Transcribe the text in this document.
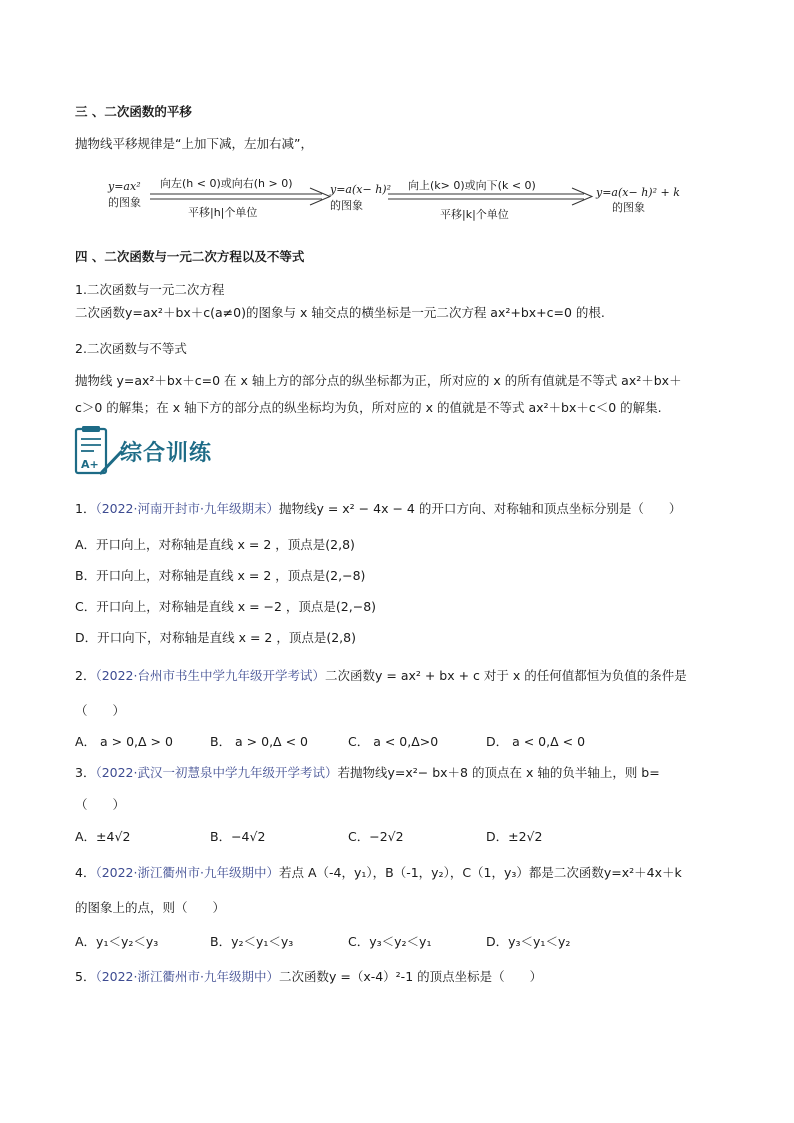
三 、二次函数的平移
抛物线平移规律是“上加下减，左加右减”，
y=ax²
的图象
向左(h < 0)或向右(h > 0)
平移|h|个单位
y=a(x− h)²
的图象
向上(k> 0)或向下(k < 0)
平移|k|个单位
y=a(x− h)² + k
的图象
四 、二次函数与一元二次方程以及不等式
1.二次函数与一元二次方程
二次函数y=ax²＋bx＋c(a≠0)的图象与 x 轴交点的横坐标是一元二次方程 ax²+bx+c=0 的根.
2.二次函数与不等式
抛物线 y=ax²＋bx＋c=0 在 x 轴上方的部分点的纵坐标都为正，所对应的 x 的所有值就是不等式 ax²＋bx＋
c＞0 的解集；在 x 轴下方的部分点的纵坐标均为负，所对应的 x 的值就是不等式 ax²＋bx＋c＜0 的解集.
A+ 综合训练
1．（2022·河南开封市·九年级期末）抛物线y = x² − 4x − 4 的开口方向、对称轴和顶点坐标分别是（　　）
A．开口向上，对称轴是直线 x = 2 ，顶点是(2,8)
B．开口向上，对称轴是直线 x = 2 ，顶点是(2,−8)
C．开口向上，对称轴是直线 x = −2 ，顶点是(2,−8)
D．开口向下，对称轴是直线 x = 2 ，顶点是(2,8)
2．（2022·台州市书生中学九年级开学考试）二次函数y = ax² + bx + c 对于 x 的任何值都恒为负值的条件是
（　　）
A． a > 0,Δ > 0	B． a > 0,Δ < 0	C． a < 0,Δ>0	D． a < 0,Δ < 0
3．（2022·武汉一初慧泉中学九年级开学考试）若抛物线y=x²− bx＋8 的顶点在 x 轴的负半轴上，则 b=
（　　）
A．±4√2	B．−4√2	C．−2√2	D．±2√2
4．（2022·浙江衢州市·九年级期中）若点 A（-4，y₁），B（-1，y₂），C（1，y₃）都是二次函数y=x²＋4x＋k
的图象上的点，则（　　）
A．y₁＜y₂＜y₃	B．y₂＜y₁＜y₃	C．y₃＜y₂＜y₁	D．y₃＜y₁＜y₂
5．（2022·浙江衢州市·九年级期中）二次函数y =（x-4）²-1 的顶点坐标是（　　）
